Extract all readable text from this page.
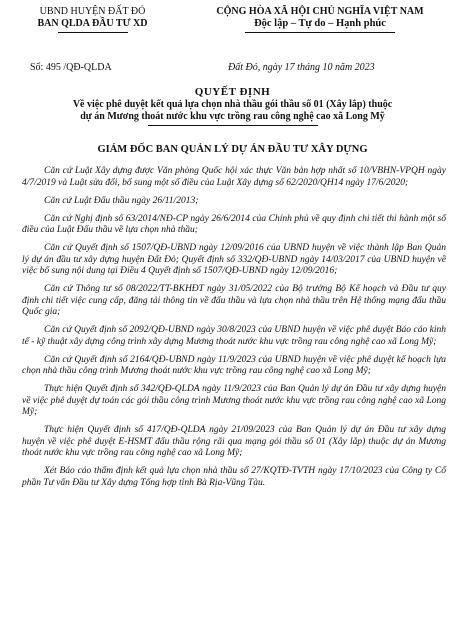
UBND HUYỆN ĐẤT ĐỎ
BAN QLDA ĐẦU TƯ XD
CỘNG HÒA XÃ HỘI CHỦ NGHĨA VIỆT NAM
Độc lập – Tự do – Hạnh phúc
Số: 495 /QĐ-QLDA	Đất Đỏ, ngày 17 tháng 10 năm 2023
QUYẾT ĐỊNH
Về việc phê duyệt kết quả lựa chọn nhà thầu gói thầu số 01 (Xây lắp) thuộc
dự án Mương thoát nước khu vực trồng rau công nghệ cao xã Long Mỹ
GIÁM ĐỐC BAN QUẢN LÝ DỰ ÁN ĐẦU TƯ XÂY DỰNG

Căn cứ Luật Xây dựng được Văn phòng Quốc hội xác thực Văn bản hợp nhất số 10/VBHN-VPQH ngày 4/7/2019 và Luật sửa đổi, bổ sung một số điều của Luật Xây dựng số 62/2020/QH14 ngày 17/6/2020;

Căn cứ Luật Đấu thầu ngày 26/11/2013;

Căn cứ Nghị định số 63/2014/NĐ-CP ngày 26/6/2014 của Chính phủ về quy định chi tiết thi hành một số điều của Luật Đấu thầu về lựa chọn nhà thầu;

Căn cứ Quyết định số 1507/QĐ-UBND ngày 12/09/2016 của UBND huyện về việc thành lập Ban Quản lý dự án đầu tư xây dựng huyện Đất Đỏ; Quyết định số 332/QĐ-UBND ngày 14/03/2017 của UBND huyện về việc bổ sung nội dung tại Điều 4 Quyết định số 1507/QĐ-UBND ngày 12/09/2016;

Căn cứ Thông tư số 08/2022/TT-BKHĐT ngày 31/05/2022 của Bộ trưởng Bộ Kế hoạch và Đầu tư quy định chi tiết việc cung cấp, đăng tải thông tin về đấu thầu và lựa chọn nhà thầu trên Hệ thống mạng đấu thầu Quốc gia;

Căn cứ Quyết định số 2092/QĐ-UBND ngày 30/8/2023 của UBND huyện về việc phê duyệt Báo cáo kinh tế - kỹ thuật xây dựng công trình xây dựng Mương thoát nước khu vực trồng rau công nghệ cao xã Long Mỹ;

Căn cứ Quyết định số 2164/QĐ-UBND ngày 11/9/2023 của UBND huyện về việc phê duyệt kế hoạch lựa chọn nhà thầu công trình Mương thoát nước khu vực trồng rau công nghệ cao xã Long Mỹ;

Thực hiện Quyết định số 342/QĐ-QLDA ngày 11/9/2023 của Ban Quản lý dự án Đầu tư xây dựng huyện về việc phê duyệt dự toán các gói thầu công trình Mương thoát nước khu vực trồng rau công nghệ cao xã Long Mỹ;

Thực hiện Quyết định số 417/QĐ-QLDA ngày 21/09/2023 của Ban Quản lý dự án Đầu tư xây dựng huyện về việc phê duyệt E-HSMT đấu thầu rộng rãi qua mạng gói thầu số 01 (Xây lắp) thuộc dự án Mương thoát nước khu vực trồng rau công nghệ cao xã Long Mỹ;

Xét Báo cáo thẩm định kết quả lựa chọn nhà thầu số 27/KQTĐ-TVTH ngày 17/10/2023 của Công ty Cổ phần Tư vấn Đầu tư Xây dựng Tổng hợp tỉnh Bà Rịa-Vũng Tàu.
